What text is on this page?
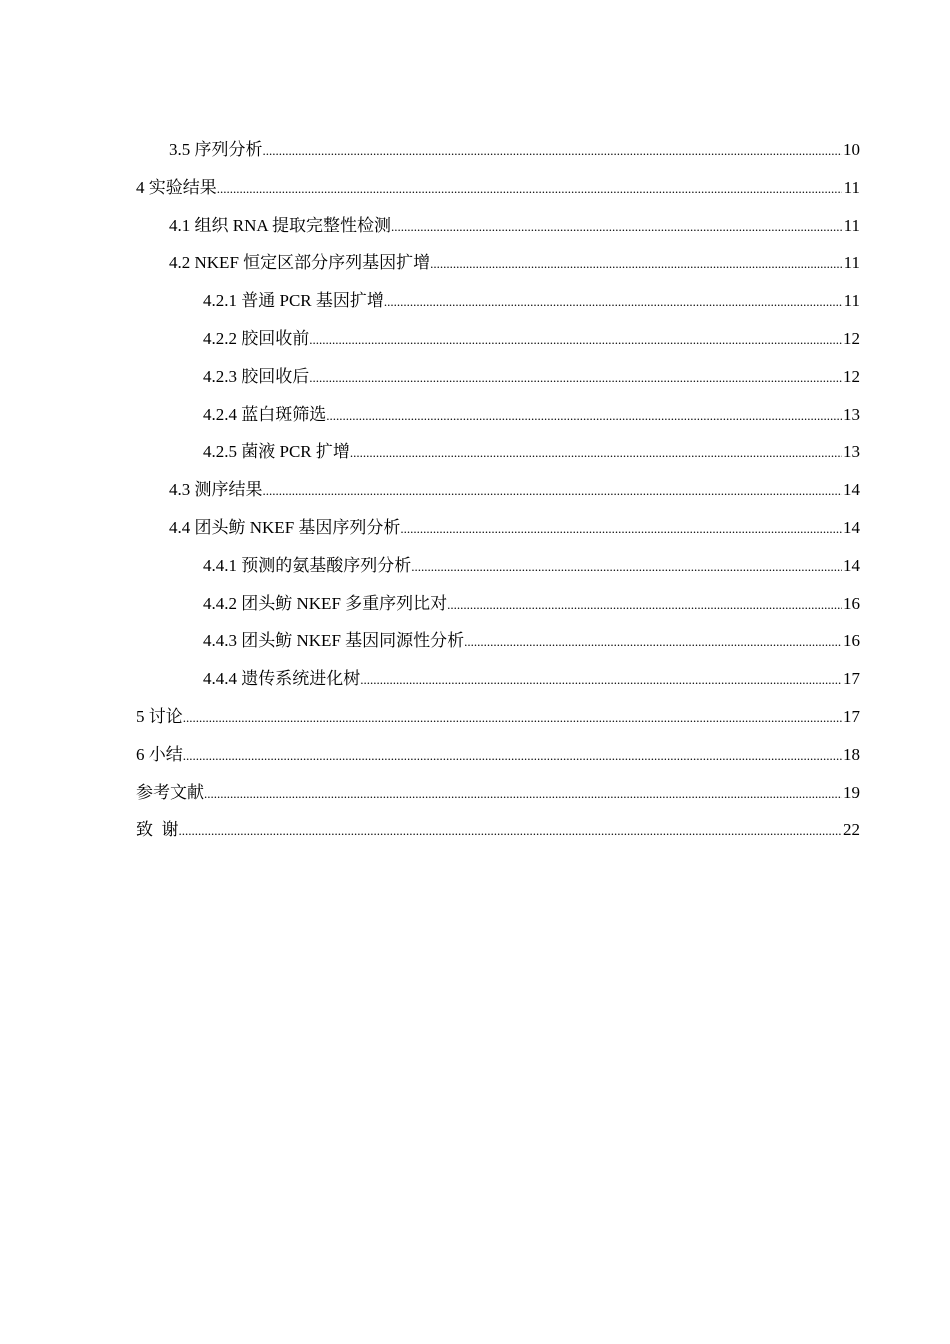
3.5 序列分析 .....	10
4 实验结果 .....	11
4.1 组织 RNA 提取完整性检测 .....	11
4.2 NKEF 恒定区部分序列基因扩增 .....	11
4.2.1 普通 PCR 基因扩增 .....	11
4.2.2 胶回收前 .....	12
4.2.3 胶回收后 .....	12
4.2.4 蓝白斑筛选 .....	13
4.2.5 菌液 PCR 扩增 .....	13
4.3 测序结果 .....	14
4.4 团头鲂 NKEF 基因序列分析 .....	14
4.4.1 预测的氨基酸序列分析 .....	14
4.4.2 团头鲂 NKEF 多重序列比对 .....	16
4.4.3 团头鲂 NKEF 基因同源性分析 .....	16
4.4.4 遗传系统进化树 .....	17
5 讨论 .....	17
6 小结 .....	18
参考文献 .....	19
致  谢 .....	22
